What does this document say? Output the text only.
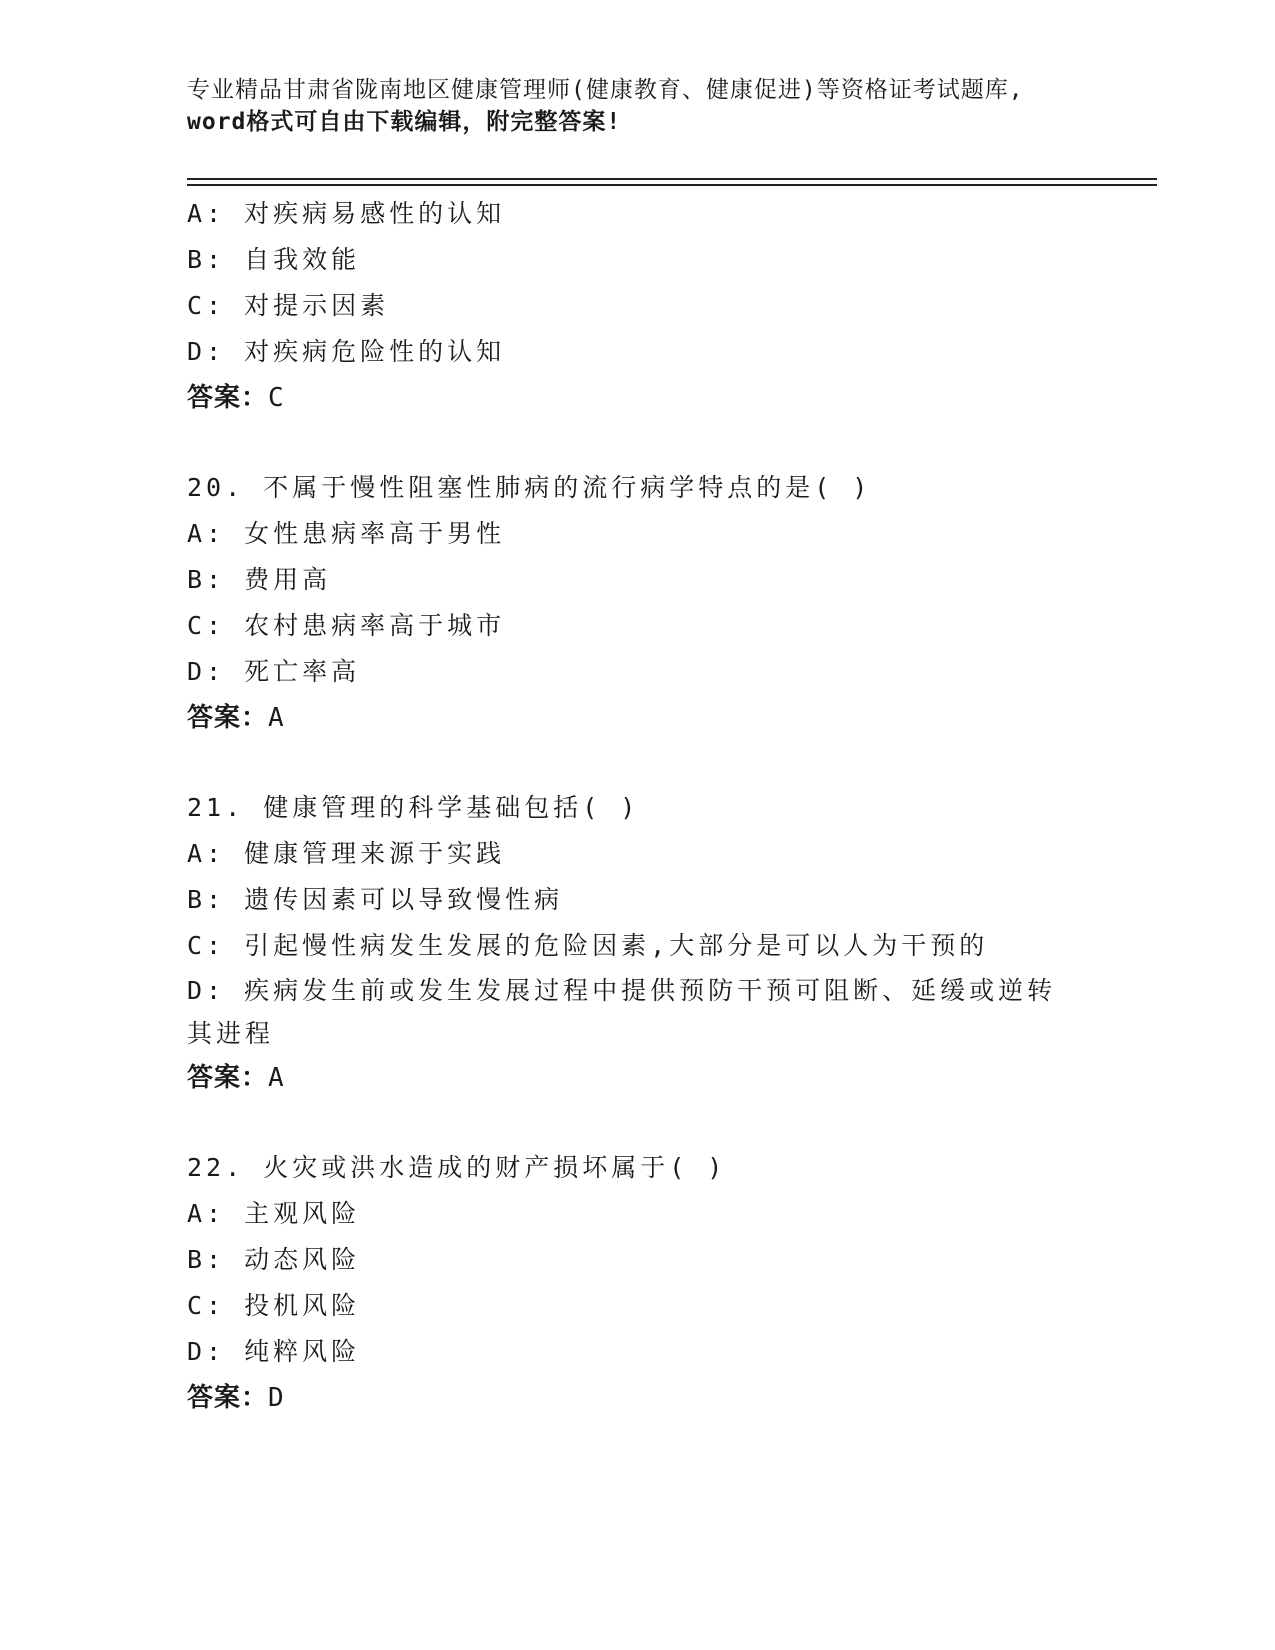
专业精品甘肃省陇南地区健康管理师(健康教育、健康促进)等资格证考试题库,
word格式可自由下载编辑，附完整答案!
A: 对疾病易感性的认知
B: 自我效能
C: 对提示因素
D: 对疾病危险性的认知
答案：C
20. 不属于慢性阻塞性肺病的流行病学特点的是( )
A: 女性患病率高于男性
B: 费用高
C: 农村患病率高于城市
D: 死亡率高
答案：A
21. 健康管理的科学基础包括( )
A: 健康管理来源于实践
B: 遗传因素可以导致慢性病
C: 引起慢性病发生发展的危险因素,大部分是可以人为干预的
D: 疾病发生前或发生发展过程中提供预防干预可阻断、延缓或逆转其进程
答案：A
22. 火灾或洪水造成的财产损坏属于( )
A: 主观风险
B: 动态风险
C: 投机风险
D: 纯粹风险
答案：D
